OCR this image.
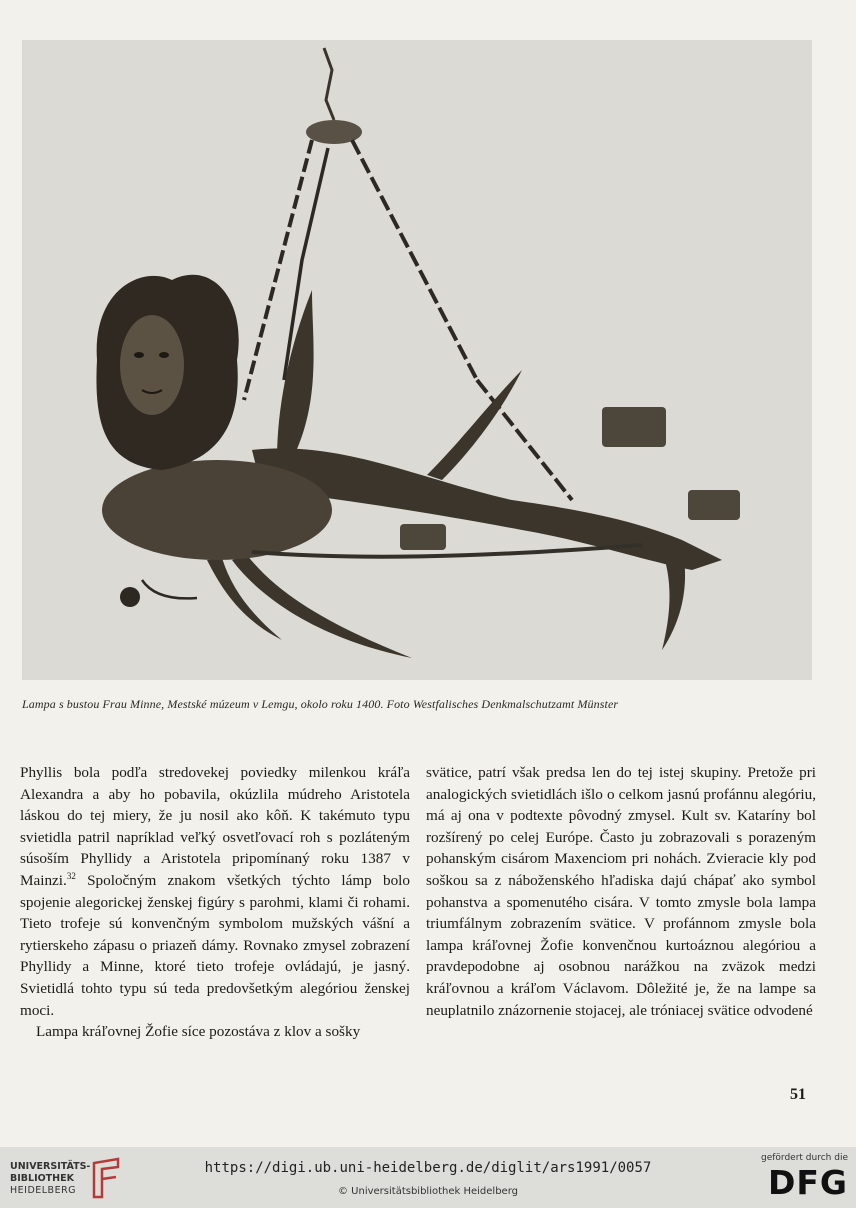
Lampa s bustou Frau Minne, Mestské múzeum v Lemgu, okolo roku 1400. Foto Westfalisches Denkmalschutzamt Münster

Phyllis bola podľa stredovekej poviedky milenkou kráľa Alexandra a aby ho pobavila, okúzlila múdreho Aristotela láskou do tej miery, že ju nosil ako kôň. K takémuto typu svietidla patril napríklad veľký osvetľovací roh s pozláteným súsoším Phyllidy a Aristotela pripomínaný roku 1387 v Mainzi.$^{32}$ Spoločným znakom všetkých týchto lámp bolo spojenie alegorickej ženskej figúry s parohmi, klami či rohami. Tieto trofeje sú konvenčným symbolom mužských vášní a rytierskeho zápasu o priazeň dámy. Rovnako zmysel zobrazení Phyllidy a Minne, ktoré tieto trofeje ovládajú, je jasný. Svietidlá tohto typu sú teda predovšetkým alegóriou ženskej moci.

Lampa kráľovnej Žofie síce pozostáva z klov a sošky

svätice, patrí však predsa len do tej istej skupiny. Pretože pri analogických svietidlách išlo o celkom jasnú profánnu alegóriu, má aj ona v podtexte pôvodný zmysel. Kult sv. Kataríny bol rozšírený po celej Európe. Často ju zobrazovali s porazeným pohanským cisárom Maxenciom pri nohách. Zvieracie kly pod soškou sa z náboženského hľadiska dajú chápať ako symbol pohanstva a spomenutého cisára. V tomto zmysle bola lampa triumfálnym zobrazením svätice. V profánnom zmysle bola lampa kráľovnej Žofie konvenčnou kurtoáznou alegóriou a pravdepodobne aj osobnou narážkou na zväzok medzi kráľovnou a kráľom Václavom. Dôležité je, že na lampe sa neuplatnilo znázornenie stojacej, ale tróniacej svätice odvodené

51
UNIVERSITÄTS-
BIBLIOTHEK
HEIDELBERG
https://digi.ub.uni-heidelberg.de/diglit/ars1991/0057
© Universitätsbibliothek Heidelberg
gefördert durch die
DFG
